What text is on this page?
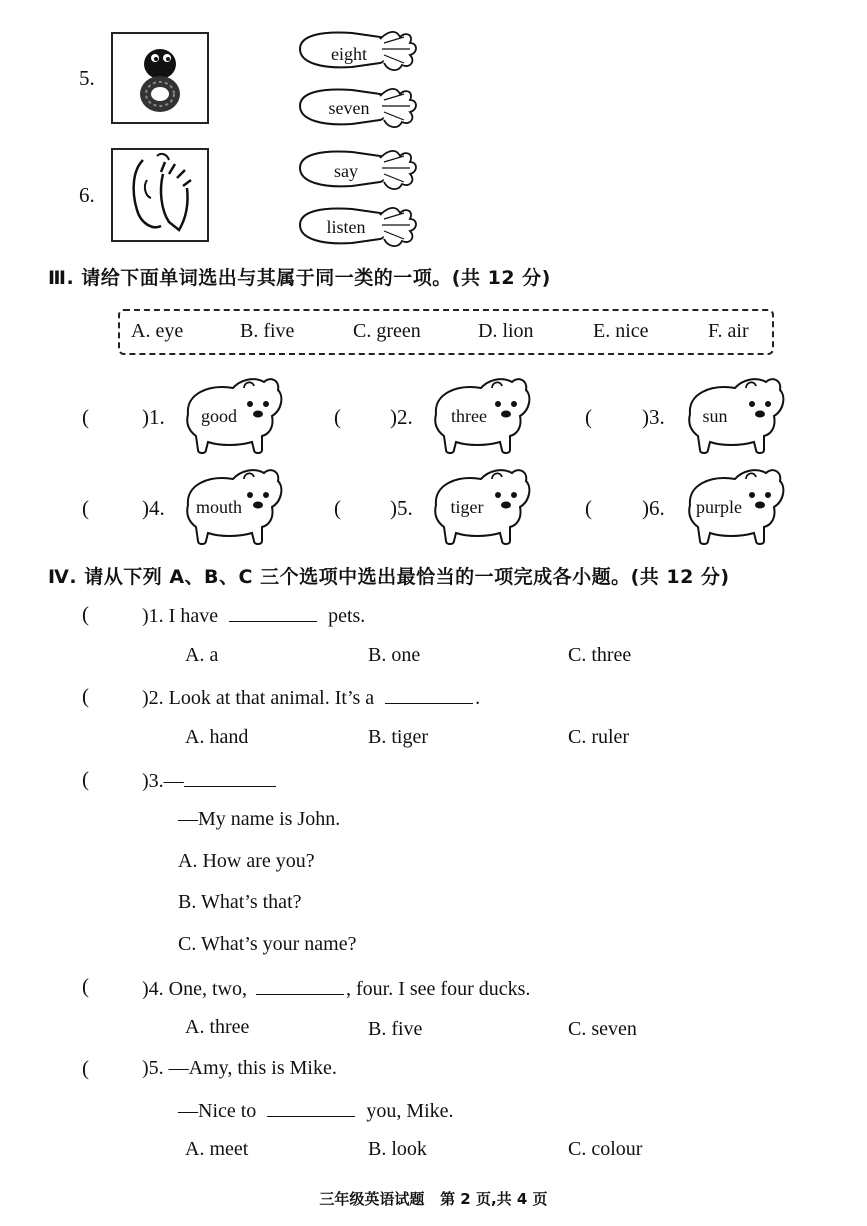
5.
eight
seven
6.
say
listen
Ⅲ. 请给下面单词选出与其属于同一类的一项。(共 12 分)
A. eye	B. five	C. green	D. lion	E. nice	F. air
(	)1.	good	( )2.	three	( )3.	sun
(	)4.	mouth	( )5.	tiger	( )6.	purple
Ⅳ. 请从下列 A、B、C 三个选项中选出最恰当的一项完成各小题。(共 12 分)
(	)1. I have	pets.
A. a	B. one	C. three
(	)2. Look at that animal. It’s a	.
A. hand	B. tiger	C. ruler
(	)3.—
—My name is John.
A. How are you?
B. What’s that?
C. What’s your name?
(	)4. One, two,	, four. I see four ducks.
A. three	B. five	C. seven
(	)5. —Amy, this is Mike.
—Nice to	you, Mike.
A. meet	B. look	C. colour
三年级英语试题   第 2 页,共 4 页
